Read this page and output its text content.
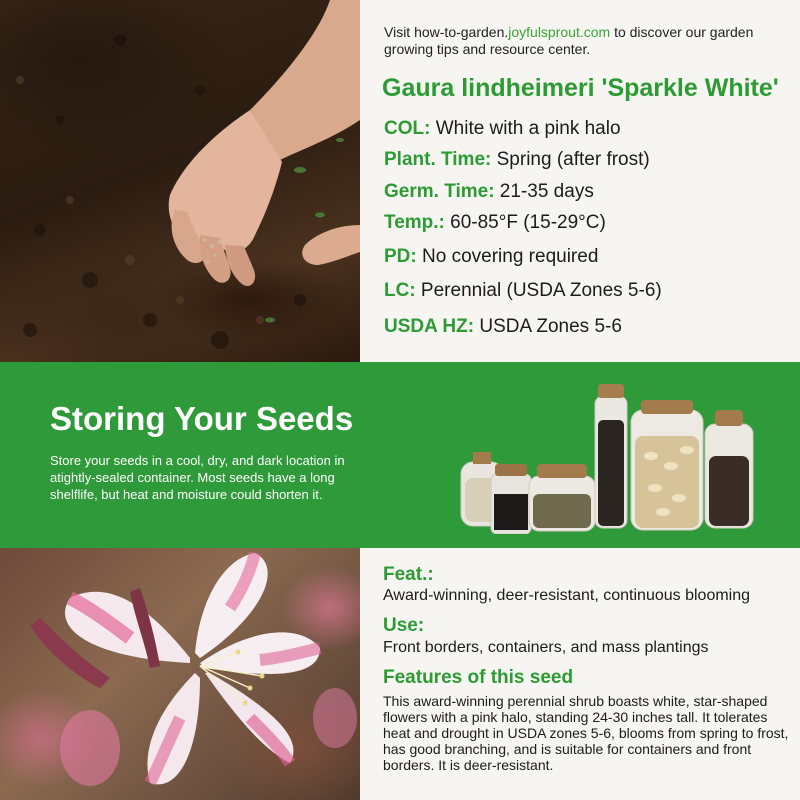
Visit how-to-garden.joyfulsprout.com to discover our garden growing tips and resource center.
Gaura lindheimeri 'Sparkle White'
COL: White with a pink halo
Plant. Time: Spring (after frost)
Germ. Time: 21-35 days
Temp.: 60-85°F (15-29°C)
PD: No covering required
LC: Perennial (USDA Zones 5-6)
USDA HZ: USDA Zones 5-6
Storing Your Seeds
Store your seeds in a cool, dry, and dark location in atightly-sealed container. Most seeds have a long shelflife, but heat and moisture could shorten it.
Feat.:
Award-winning, deer-resistant, continuous blooming
Use:
Front borders, containers, and mass plantings
Features of this seed
This award-winning perennial shrub boasts white, star-shaped flowers with a pink halo, standing 24-30 inches tall. It tolerates heat and drought in USDA zones 5-6, blooms from spring to frost, has good branching, and is suitable for containers and front borders. It is deer-resistant.
